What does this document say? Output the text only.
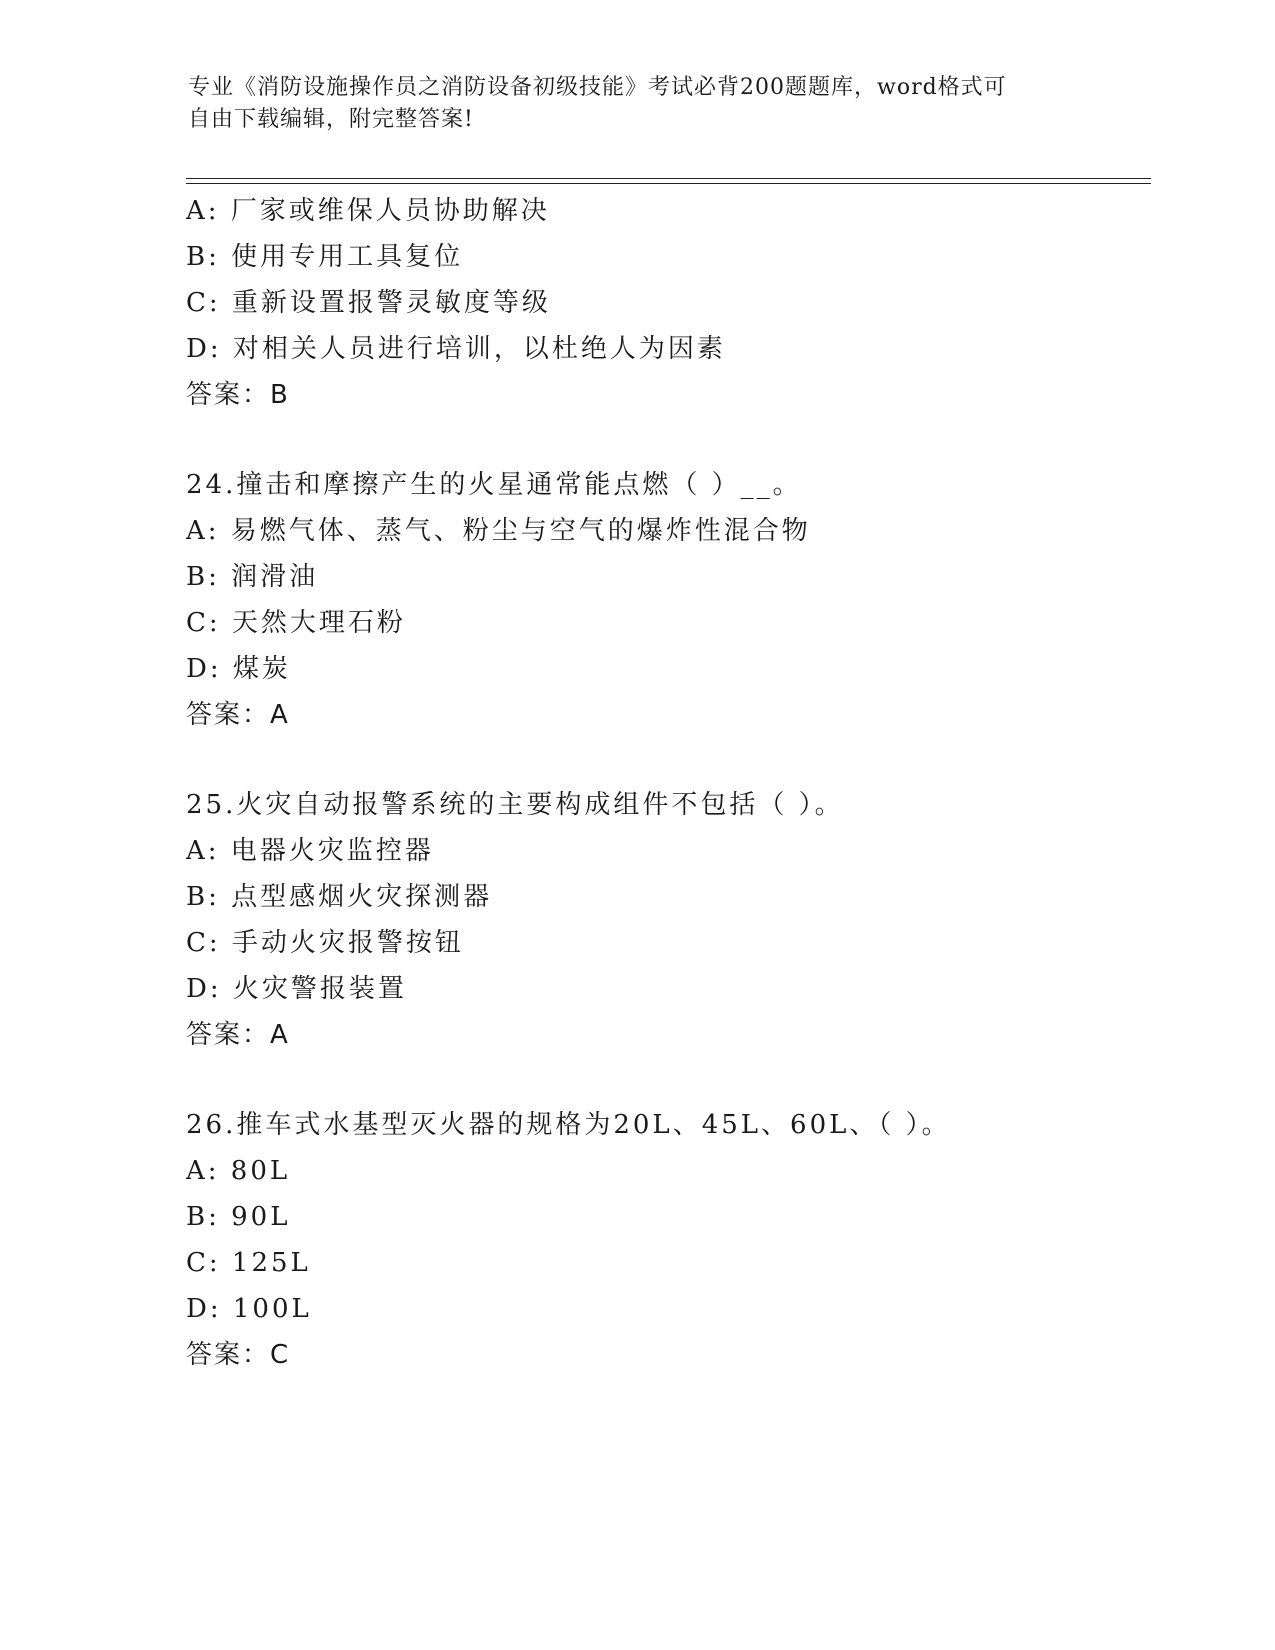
专业《消防设施操作员之消防设备初级技能》考试必背200题题库，word格式可
自由下载编辑，附完整答案!
A: 厂家或维保人员协助解决
B: 使用专用工具复位
C: 重新设置报警灵敏度等级
D: 对相关人员进行培训，以杜绝人为因素
答案：B
24.撞击和摩擦产生的火星通常能点燃（ ）__。
A: 易燃气体、蒸气、粉尘与空气的爆炸性混合物
B: 润滑油
C: 天然大理石粉
D: 煤炭
答案：A
25.火灾自动报警系统的主要构成组件不包括（ ）。
A: 电器火灾监控器
B: 点型感烟火灾探测器
C: 手动火灾报警按钮
D: 火灾警报装置
答案：A
26.推车式水基型灭火器的规格为20L、45L、60L、（ ）。
A: 80L
B: 90L
C: 125L
D: 100L
答案：C
